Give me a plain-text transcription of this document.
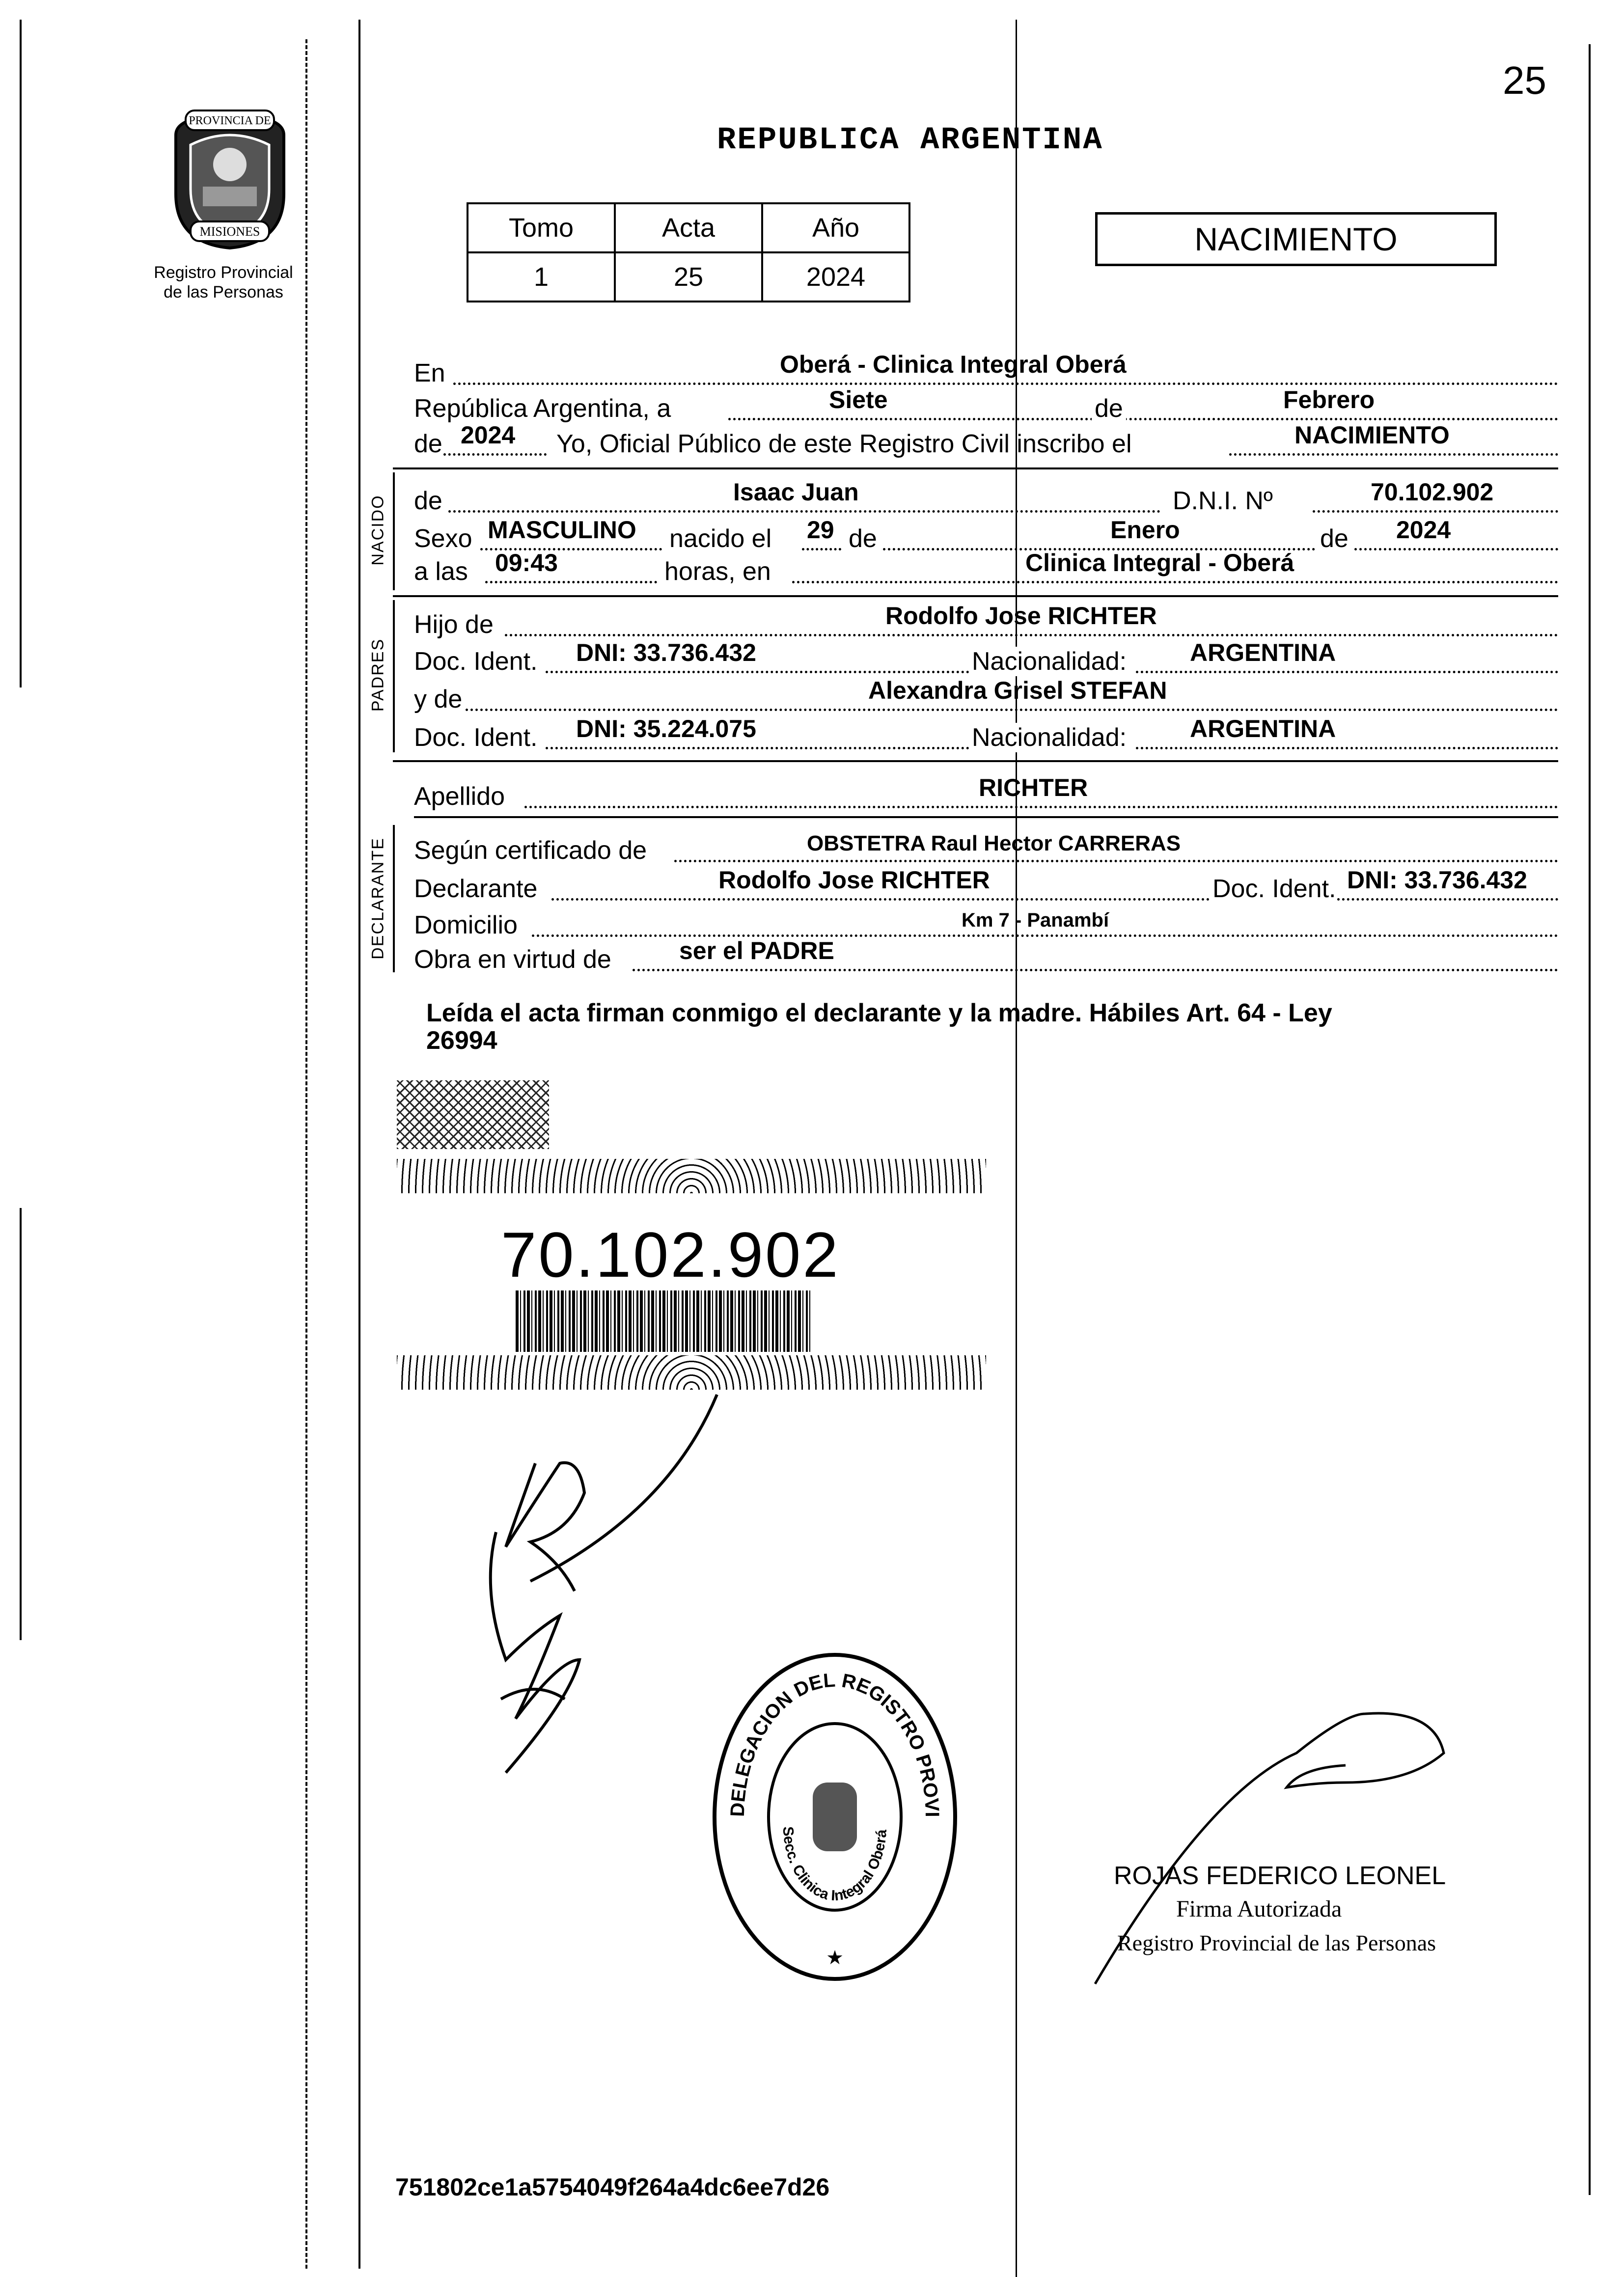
PROVINCIA DE
MISIONES
Registro Provincial
de las Personas
25
REPUBLICA ARGENTINA
Tomo	Acta	Año
1	25	2024
NACIMIENTO
En	Oberá - Clinica Integral Oberá
República Argentina, a	Siete	de	Febrero
de 2024 Yo, Oficial Público de este Registro Civil inscribo el	NACIMIENTO
NACIDO de	Isaac Juan	D.N.I. Nº	70.102.902
Sexo MASCULINO nacido el 29 de	Enero	de 2024
a las 09:43	horas, en	Clinica Integral - Oberá
PADRES
Hijo de	Rodolfo Jose RICHTER
Doc. Ident. DNI: 33.736.432	Nacionalidad:	ARGENTINA
y de	Alexandra Grisel STEFAN
Doc. Ident. DNI: 35.224.075	Nacionalidad:	ARGENTINA
Apellido	RICHTER
DECLARANTE Según certificado de	OBSTETRA Raul Hector CARRERAS
Declarante	Rodolfo Jose RICHTER	Doc. Ident. DNI: 33.736.432
Domicilio	Km 7 - Panambí
Obra en virtud de	ser el PADRE
Leída el acta firman conmigo el declarante y la madre. Hábiles Art. 64 - Ley
26994
70.102.902
DELEGACION DEL REGISTRO PROVI
Secc. Clinica Integral Oberá
★
ROJAS FEDERICO LEONEL
Firma Autorizada
Registro Provincial de las Personas
751802ce1a5754049f264a4dc6ee7d26
